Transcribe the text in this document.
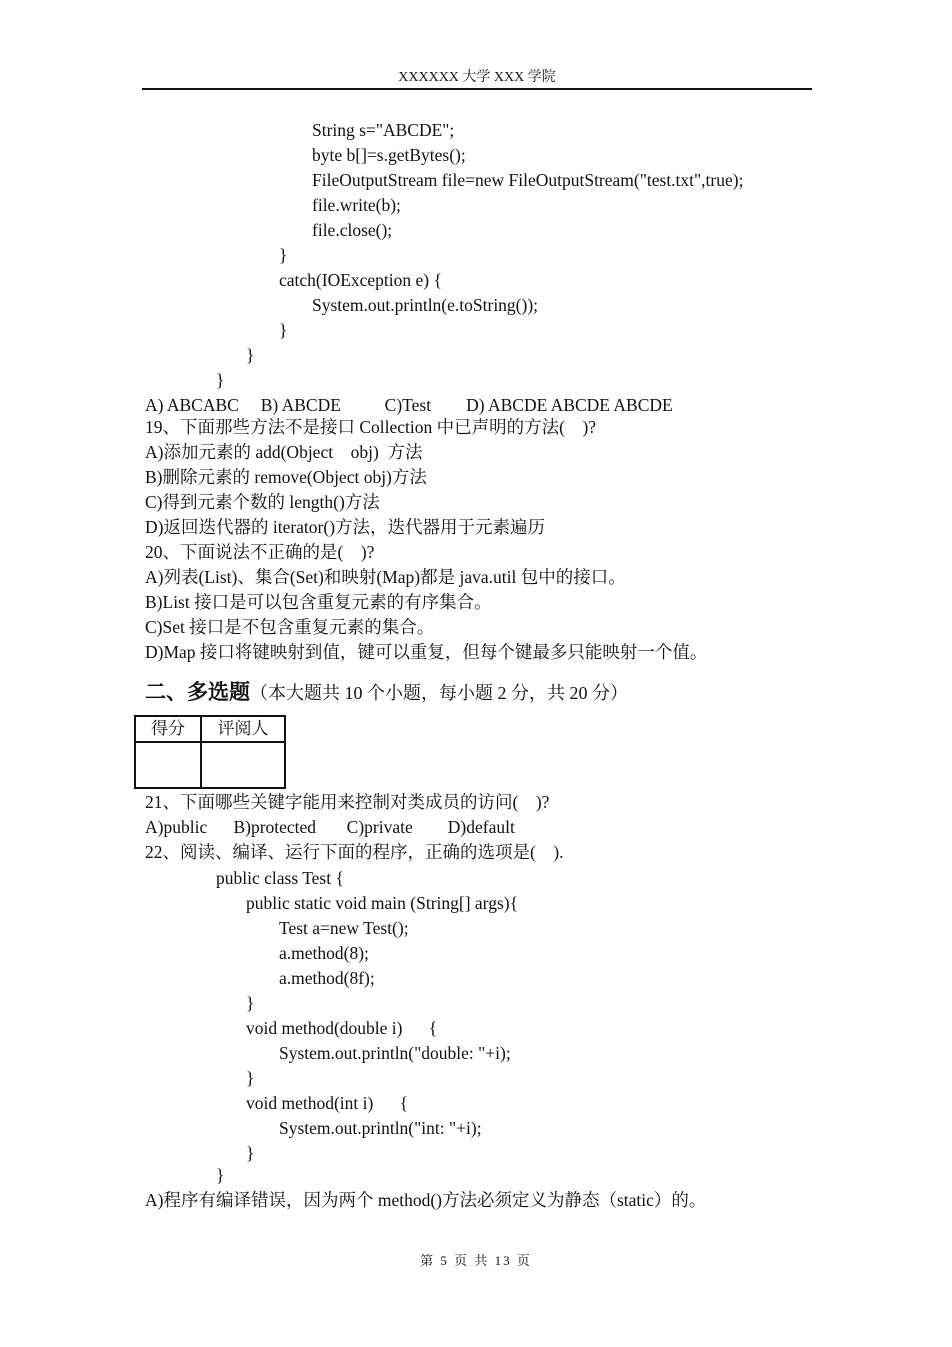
XXXXXX 大学 XXX 学院
String s="ABCDE";
byte b[]=s.getBytes();
FileOutputStream file=new FileOutputStream("test.txt",true);
file.write(b);
file.close();
}
catch(IOException e) {
System.out.println(e.toString());
}
}
}
A) ABCABC     B) ABCDE          C)Test        D) ABCDE ABCDE ABCDE
19、下面那些方法不是接口 Collection 中已声明的方法(    )?
A)添加元素的 add(Object    obj)  方法
B)删除元素的 remove(Object obj)方法
C)得到元素个数的 length()方法
D)返回迭代器的 iterator()方法，迭代器用于元素遍历
20、下面说法不正确的是(    )?
A)列表(List)、集合(Set)和映射(Map)都是 java.util 包中的接口。
B)List 接口是可以包含重复元素的有序集合。
C)Set 接口是不包含重复元素的集合。
D)Map 接口将键映射到值，键可以重复，但每个键最多只能映射一个值。
二、多选题（本大题共 10 个小题，每小题 2 分，共 20 分）
得分	评阅人

21、下面哪些关键字能用来控制对类成员的访问(    )?
A)public      B)protected       C)private        D)default
22、阅读、编译、运行下面的程序，正确的选项是(    ).
public class Test {
public static void main (String[] args){
Test a=new Test();
a.method(8);
a.method(8f);
}
void method(double i)      {
System.out.println("double: "+i);
}
void method(int i)      {
System.out.println("int: "+i);
}
}
A)程序有编译错误，因为两个 method()方法必须定义为静态（static）的。
第 5 页 共 13 页
